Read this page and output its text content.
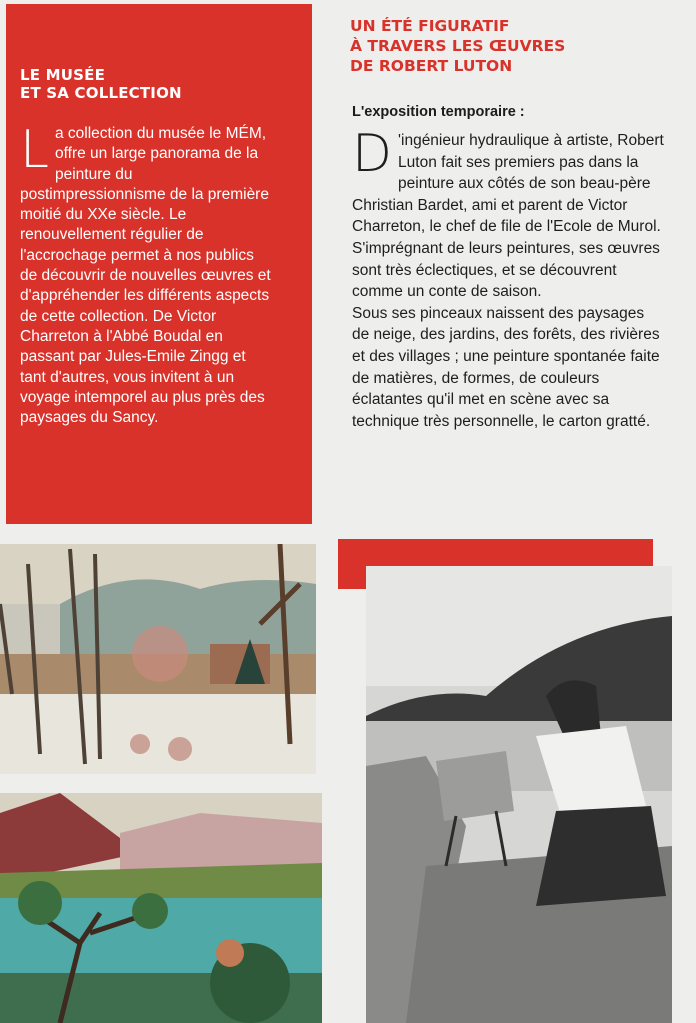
LE MUSÉE
ET SA COLLECTION
La collection du musée le MÉM, offre un large panorama de la peinture du postimpressionnisme de la première moitié du XXe siècle. Le renouvellement régulier de l'accrochage permet à nos publics de découvrir de nouvelles œuvres et d'appréhender les différents aspects de cette collection. De Victor Charreton à l'Abbé Boudal en passant par Jules-Emile Zingg et tant d'autres, vous invitent à un voyage intemporel au plus près des paysages du Sancy.
UN ÉTÉ FIGURATIF
À TRAVERS LES ŒUVRES
DE ROBERT LUTON
L'exposition temporaire :

D 'ingénieur hydraulique à artiste, Robert Luton fait ses premiers pas dans la peinture aux côtés de son beau-père Christian Bardet, ami et parent de Victor Charreton, le chef de file de l'Ecole de Murol. S'imprégnant de leurs peintures, ses œuvres sont très éclectiques, et se découvrent comme un conte de saison.

Sous ses pinceaux naissent des paysages de neige, des jardins, des forêts, des rivières et des villages ; une peinture spontanée faite de matières, de formes, de couleurs éclatantes qu'il met en scène avec sa technique très personnelle, le carton gratté.
